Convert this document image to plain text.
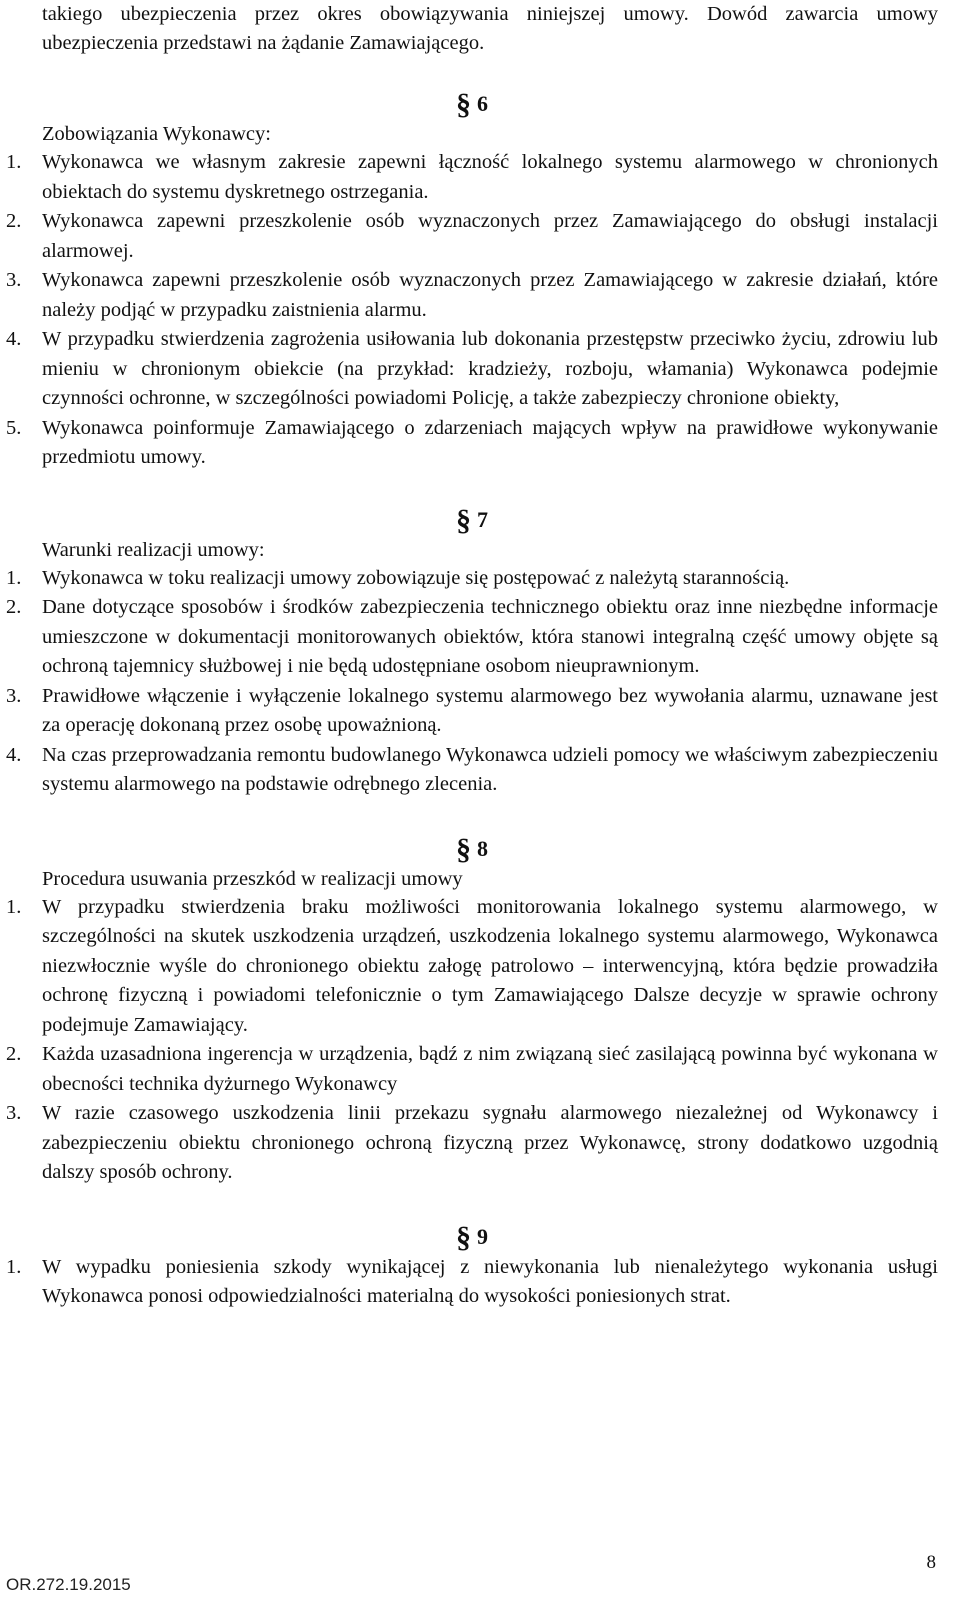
takiego ubezpieczenia przez okres obowiązywania niniejszej umowy. Dowód zawarcia umowy ubezpieczenia przedstawi na żądanie Zamawiającego.

§ 6

Zobowiązania Wykonawcy:

1. Wykonawca we własnym zakresie zapewni łączność lokalnego systemu alarmowego w chronionych obiektach do systemu dyskretnego ostrzegania.
2. Wykonawca zapewni przeszkolenie osób wyznaczonych przez Zamawiającego do obsługi instalacji alarmowej.
3. Wykonawca zapewni przeszkolenie osób wyznaczonych przez Zamawiającego w zakresie działań, które należy podjąć w przypadku zaistnienia alarmu.
4. W przypadku stwierdzenia zagrożenia usiłowania lub dokonania przestępstw przeciwko życiu, zdrowiu lub mieniu w chronionym obiekcie (na przykład: kradzieży, rozboju, włamania) Wykonawca podejmie czynności ochronne, w szczególności powiadomi Policję, a także zabezpieczy chronione obiekty,
5. Wykonawca poinformuje Zamawiającego o zdarzeniach mających wpływ na prawidłowe wykonywanie przedmiotu umowy.
§ 7

Warunki realizacji umowy:

1. Wykonawca w toku realizacji umowy zobowiązuje się postępować z należytą starannością.
2. Dane dotyczące sposobów i środków zabezpieczenia technicznego obiektu oraz inne niezbędne informacje umieszczone w dokumentacji monitorowanych obiektów, która stanowi integralną część umowy objęte są ochroną tajemnicy służbowej i nie będą udostępniane osobom nieuprawnionym.
3. Prawidłowe włączenie i wyłączenie lokalnego systemu alarmowego bez wywołania alarmu, uznawane jest za operację dokonaną przez osobę upoważnioną.
4. Na czas przeprowadzania remontu budowlanego Wykonawca udzieli pomocy we właściwym zabezpieczeniu systemu alarmowego na podstawie odrębnego zlecenia.
§ 8

Procedura usuwania przeszkód w realizacji umowy

1. W przypadku stwierdzenia braku możliwości monitorowania lokalnego systemu alarmowego, w szczególności na skutek uszkodzenia urządzeń, uszkodzenia lokalnego systemu alarmowego, Wykonawca niezwłocznie wyśle do chronionego obiektu załogę patrolowo – interwencyjną, która będzie prowadziła ochronę fizyczną i powiadomi telefonicznie o tym Zamawiającego Dalsze decyzje w sprawie ochrony podejmuje Zamawiający.
2. Każda uzasadniona ingerencja w urządzenia, bądź z nim związaną sieć zasilającą powinna być wykonana w obecności technika dyżurnego Wykonawcy
3. W razie czasowego uszkodzenia linii przekazu sygnału alarmowego niezależnej od Wykonawcy i zabezpieczeniu obiektu chronionego ochroną fizyczną przez Wykonawcę, strony dodatkowo uzgodnią dalszy sposób ochrony.
§ 9
1. W wypadku poniesienia szkody wynikającej z niewykonania lub nienależytego wykonania usługi Wykonawca ponosi odpowiedzialności materialną do wysokości poniesionych strat.
OR.272.19.2015
8
